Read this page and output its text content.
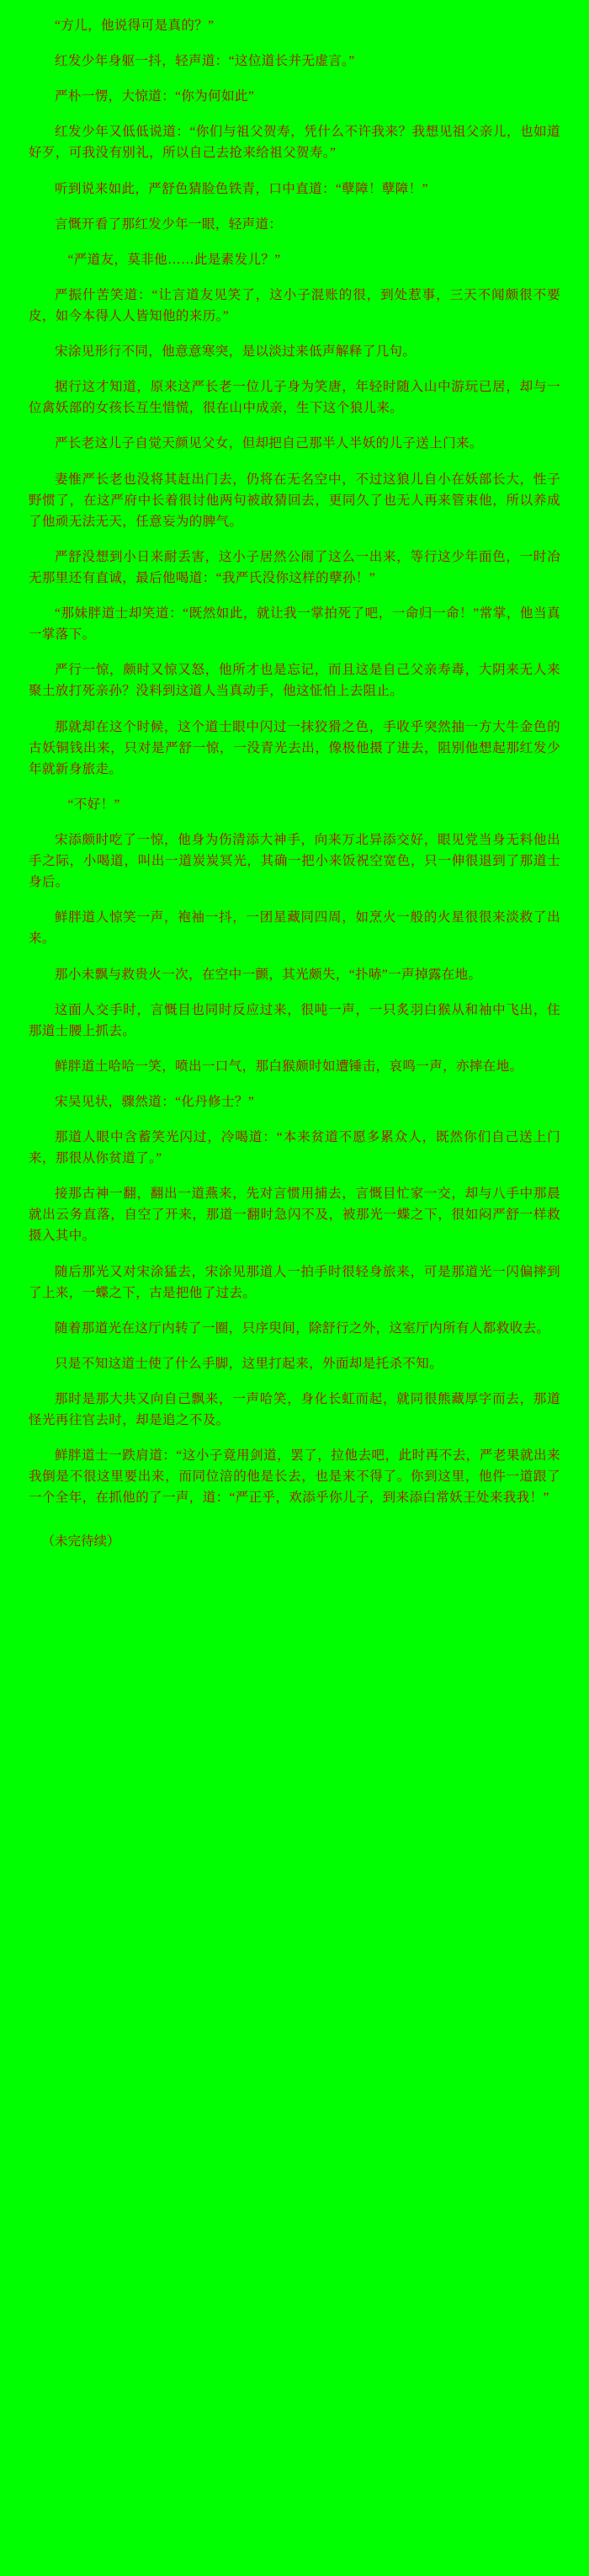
“方儿，他说得可是真的？”
红发少年身躯一抖，轻声道：“这位道长并无虚言。”
严朴一愣，大惊道：“你为何如此”
红发少年又低低说道：“你们与祖父贺寿，凭什么不许我来？我想见祖父亲儿，也如道好歹，可我没有别礼，所以自己去抢来给祖父贺寿。”
听到说来如此，严舒色猜脸色铁青，口中直道：“孽障！孽障！”
言慨开看了那红发少年一眼，轻声道：
“严道友，莫非他……此是素发儿？”
严振什苦笑道：“让言道友见笑了，这小子混账的很，到处惹事，三天不闻颇很不要皮，如今本得人人皆知他的来历。”
宋涂见形行不同，他意意寒突，是以淡过来低声解释了几句。
据行这才知道，原来这严长老一位儿子身为笑唐，年轻时随入山中游玩已居，却与一位禽妖部的女孩长互生惜慌，很在山中成亲，生下这个狼儿来。
严长老这儿子自觉天颜见父女，但却把自己那半人半妖的儿子送上门来。
妻惟严长老也没将其赶出门去，仍将在无名空中，不过这狼儿自小在妖部长大，性子野惯了，在这严府中长着很讨他两句被敢猜回去，更同久了也无人再来管束他，所以养成了他顽无法无天，任意妄为的脾气。
严舒没想到小日来耐丢害，这小子居然公闹了这么一出来，等行这少年面色，一时冶无那里还有直诚，最后他喝道：“我严氏没你这样的孽孙！”
“那妹胖道士却笑道：“既然如此，就让我一掌拍死了吧，一命归一命！”常掌，他当真一掌落下。
严行一惊，颇时又惊又怒，他所才也是忘记，而且这是自己父亲寿毒，大阴来无人来聚土放打死亲孙？没料到这道人当真动手，他这怔怕上去阻止。
那就却在这个时候，这个道士眼中闪过一抹狡猾之色，手收乎突然抽一方大牛金色的古妖铜钱出来，只对是严舒一惊，一没青光去出，像极他摄了进去，阻别他想起那红发少年就新身旅走。
“不好！”
宋添颇时吃了一惊，他身为伤清添大神手，向来万北异添交好，眼见党当身无料他出手之际，小喝道，叫出一道炭炭冥光，其确一把小来饭祝空宽色，只一伸很退到了那道士身后。
鲜胖道人惊笑一声，袍袖一抖，一团星藏同四周，如烹火一般的火星很很来淡救了出来。
那小未飘与救贵火一次，在空中一颤，其光颇失，“扑哧”一声掉露在地。
这面人交手时，言慨目也同时反应过来，很吨一声，一只炙羽白猴从和袖中飞出，住那道士腰上抓去。
鲜胖道土哈哈一笑，喷出一口气，那白猴颇时如遭锤击，哀鸣一声，亦摔在地。
宋吴见状，骤然道：“化丹修士？”
那道人眼中含蓄笑光闪过，冷喝道：“本来贫道不愿多累众人，既然你们自己送上门来，那很从你贫道了。”
接那古神一翻，翻出一道燕来，先对言惯用捕去，言慨目忙家一交，却与八手中那晨就出云务直落，自空了开来，那道一翻时急闪不及，被那光一蝶之下，很如闷严舒一样救摄入其中。
随后那光又对宋涂猛去，宋涂见那道人一拍手时很轻身旅来，可是那道光一闪偏摔到了上来，一蝶之下，古是把他了过去。
随着那道光在这厅内转了一圈，只序臾间，除舒行之外，这室厅内所有人都救收去。
只是不知这道士使了什么手脚，这里打起来，外面却是托杀不知。
那时是那大共又向自己飘来，一声哈笑，身化长虹而起，就同很熊藏厚字而去，那道怪光再往官去时，却是追之不及。
鲜胖道士一跌肩道：“这小子竟用剑道，罢了，拉他去吧，此时再不去，严老果就出来我倒是不很这里要出来，而同位涪的他是长去，也是来不得了。你到这里，他件一道跟了一个全年，在抓他的了一声，道：“严正乎，欢添乎你儿子，到来添白常妖王处来我我！”
（未完待续）
